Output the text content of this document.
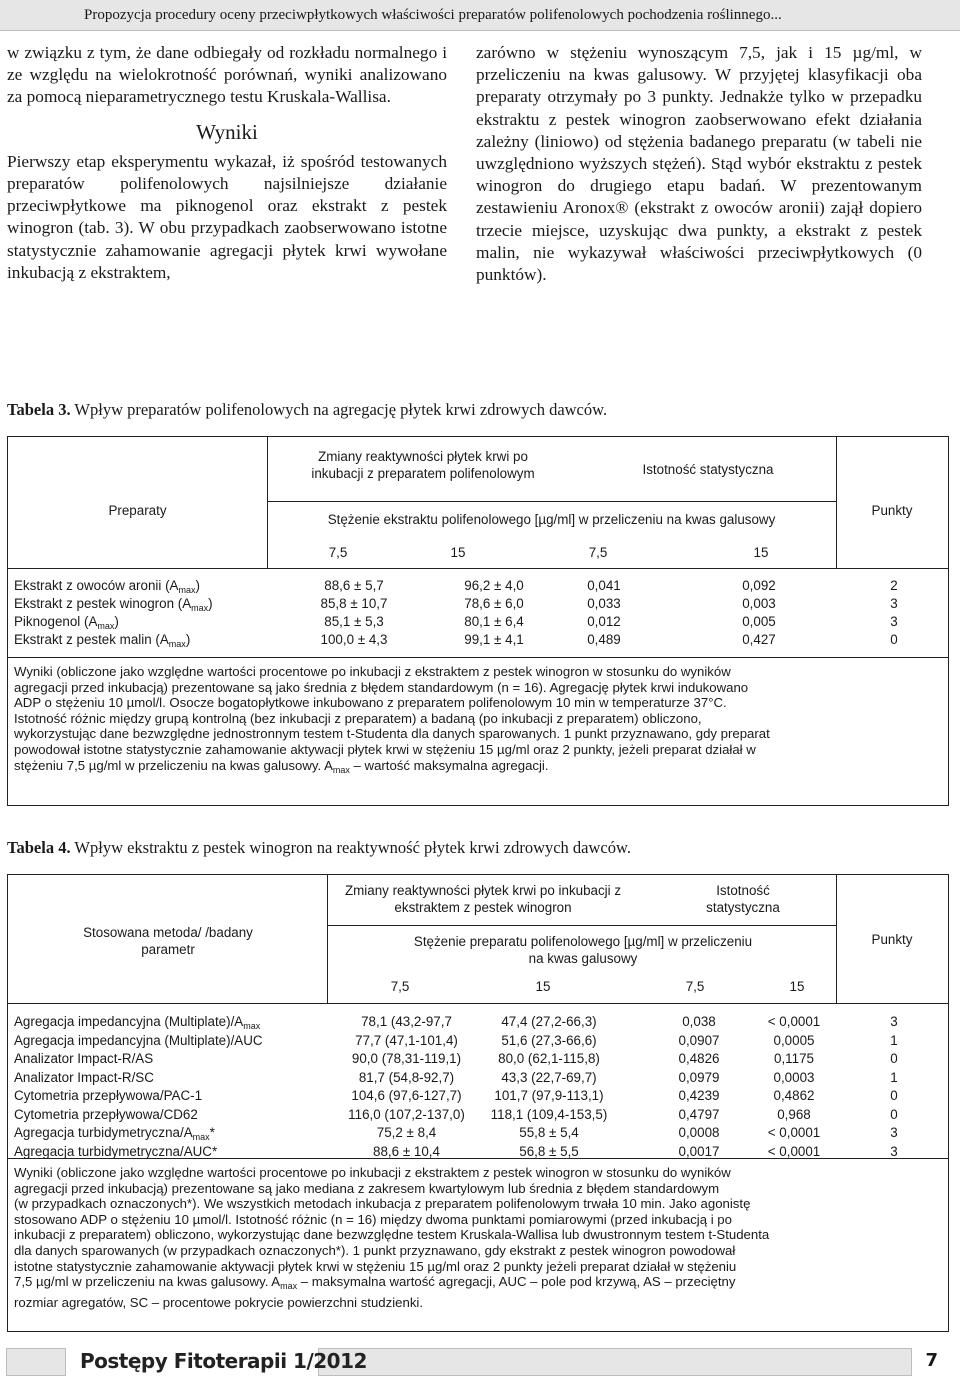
Propozycja procedury oceny przeciwpłytkowych właściwości preparatów polifenolowych pochodzenia roślinnego...

w związku z tym, że dane odbiegały od rozkładu normalnego i ze względu na wielokrotność porównań, wyniki analizowano za pomocą nieparametrycznego testu Kruskala-Wallisa.

Wyniki

Pierwszy etap eksperymentu wykazał, iż spośród testowanych preparatów polifenolowych najsilniejsze działanie przeciwpłytkowe ma piknogenol oraz ekstrakt z pestek winogron (tab. 3). W obu przypadkach zaobserwowano istotne statystycznie zahamowanie agregacji płytek krwi wywołane inkubacją z ekstraktem,

zarówno w stężeniu wynoszącym 7,5, jak i 15 µg/ml, w przeliczeniu na kwas galusowy. W przyjętej klasyfikacji oba preparaty otrzymały po 3 punkty. Jednakże tylko w przepadku ekstraktu z pestek winogron zaobserwowano efekt działania zależny (liniowo) od stężenia badanego preparatu (w tabeli nie uwzględniono wyższych stężeń). Stąd wybór ekstraktu z pestek winogron do drugiego etapu badań. W prezentowanym zestawieniu Aronox® (ekstrakt z owoców aronii) zajął dopiero trzecie miejsce, uzyskując dwa punkty, a ekstrakt z pestek malin, nie wykazywał właściwości przeciwpłytkowych (0 punktów).

Tabela 3. Wpływ preparatów polifenolowych na agregację płytek krwi zdrowych dawców.
Preparaty
Zmiany reaktywności płytek krwi po inkubacji z preparatem polifenolowym	Istotność statystyczna
Stężenie ekstraktu polifenolowego [µg/ml] w przeliczeniu na kwas galusowy
Punkty
7,5	15	7,5	15
Ekstrakt z owoców aronii $(A_{max})$	88,6 ± 5,7	96,2 ± 4,0	0,041	0,092	2
Ekstrakt z pestek winogron $(A_{max})$	85,8 ± 10,7	78,6 ± 6,0	0,033	0,003	3
Piknogenol $(A_{max})$	85,1 ± 5,3	80,1 ± 6,4	0,012	0,005	3
Ekstrakt z pestek malin $(A_{max})$	100,0 ± 4,3	99,1 ± 4,1	0,489	0,427	0
Wyniki (obliczone jako względne wartości procentowe po inkubacji z ekstraktem z pestek winogron w stosunku do wyników
agregacji przed inkubacją) prezentowane są jako średnia z błędem standardowym (n = 16). Agregację płytek krwi indukowano
ADP o stężeniu 10 µmol/l. Osocze bogatopłytkowe inkubowano z preparatem polifenolowym 10 min w temperaturze 37°C.
Istotność różnic między grupą kontrolną (bez inkubacji z preparatem) a badaną (po inkubacji z preparatem) obliczono,
wykorzystując dane bezwzględne jednostronnym testem t-Studenta dla danych sparowanych. 1 punkt przyznawano, gdy preparat
powodował istotne statystycznie zahamowanie aktywacji płytek krwi w stężeniu 15 µg/ml oraz 2 punkty, jeżeli preparat działał w
stężeniu 7,5 µg/ml w przeliczeniu na kwas galusowy. $A_{max}$ – wartość maksymalna agregacji.
Tabela 4. Wpływ ekstraktu z pestek winogron na reaktywność płytek krwi zdrowych dawców.
Stosowana metoda/ /badany parametr
Zmiany reaktywności płytek krwi po inkubacji z ekstraktem z pestek winogron
Istotność statystyczna
Stężenie preparatu polifenolowego [µg/ml] w przeliczeniu na kwas galusowy
Punkty
7,5	15	7,5	15
Agregacja impedancyjna $(Multiplate)/A_{max}$	78,1 (43,2-97,7	47,4 (27,2-66,3)	0,038	< 0,0001	3
Agregacja impedancyjna (Multiplate)/AUC	77,7 (47,1-101,4)	51,6 (27,3-66,6)	0,0907	0,0005	1
Analizator Impact-R/AS	90,0 (78,31-119,1)	80,0 (62,1-115,8)	0,4826	0,1175	0
Analizator Impact-R/SC	81,7 (54,8-92,7)	43,3 (22,7-69,7)	0,0979	0,0003	1
Cytometria przepływowa/PAC-1	104,6 (97,6-127,7)	101,7 (97,9-113,1)	0,4239	0,4862	0
Cytometria przepływowa/CD62	116,0 (107,2-137,0)	118,1 (109,4-153,5)	0,4797	0,968	0
Agregacja turbidymetryczna/$A_{max}*$	75,2 ± 8,4	55,8 ± 5,4	0,0008	< 0,0001	3
Agregacja turbidymetryczna/AUC*	88,6 ± 10,4	56,8 ± 5,5	0,0017	< 0,0001	3
Wyniki (obliczone jako względne wartości procentowe po inkubacji z ekstraktem z pestek winogron w stosunku do wyników
agregacji przed inkubacją) prezentowane są jako mediana z zakresem kwartylowym lub średnia z błędem standardowym
(w przypadkach oznaczonych*). We wszystkich metodach inkubacja z preparatem polifenolowym trwała 10 min. Jako agonistę
stosowano ADP o stężeniu 10 µmol/l. Istotność różnic (n = 16) między dwoma punktami pomiarowymi (przed inkubacją i po
inkubacji z preparatem) obliczono, wykorzystując dane bezwzględne testem Kruskala-Wallisa lub dwustronnym testem t-Studenta
dla danych sparowanych (w przypadkach oznaczonych*). 1 punkt przyznawano, gdy ekstrakt z pestek winogron powodował
istotne statystycznie zahamowanie aktywacji płytek krwi w stężeniu 15 µg/ml oraz 2 punkty jeżeli preparat działał w stężeniu
7,5 µg/ml w przeliczeniu na kwas galusowy. $A_{max}$ – maksymalna wartość agregacji, AUC – pole pod krzywą, AS – przeciętny
rozmiar agregatów, SC – procentowe pokrycie powierzchni studzienki.
Postępy Fitoterapii 1/2012	7
